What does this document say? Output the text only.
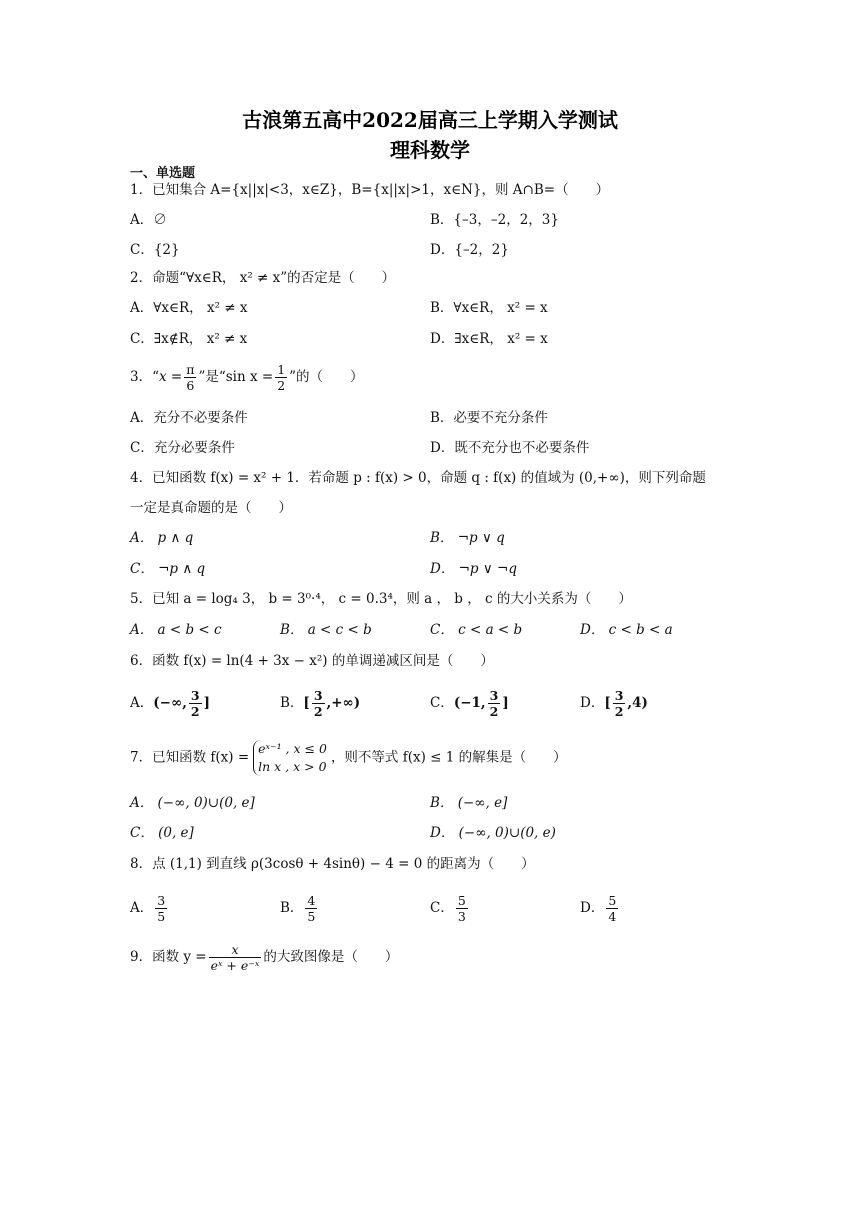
古浪第五高中2022届高三上学期入学测试
理科数学
一、单选题
1．已知集合 A={x||x|<3，x∈Z}，B={x||x|>1，x∈N}，则 A∩B=（　　）
A．∅	B．{–3，–2，2，3}
C．{2}	D．{–2，2}
2．命题“∀x∈R， x² ≠ x”的否定是（　　）
A．∀x∈R， x² ≠ x	B．∀x∈R， x² = x
C．∃x∉R， x² ≠ x	D．∃x∈R， x² = x
3．“$x = \frac{\pi}{6}$ ”是“sin $x = \frac{1}{2}$ ”的（　　）
A．充分不必要条件	B．必要不充分条件
C．充分必要条件	D．既不充分也不必要条件
4．已知函数 f(x) = x² + 1．若命题 p : f(x) > 0，命题 q : f(x) 的值域为 (0,+∞)，则下列命题
一定是真命题的是（　　）
A． p ∧ q	B． ¬p ∨ q
C． ¬p ∧ q	D． ¬p ∨ ¬q
5．已知 a = log₄ 3， b = 3⁰·⁴， c = 0.3⁴，则 a ， b ， c 的大小关系为（　　）
A． a < b < c	B． a < c < b	C． c < a < b	D． c < b < a
6．函数 f(x) = ln(4 + 3x − x²) 的单调递减区间是（　　）
A．(−∞, $\frac{3}{2}$ ]	B．[ $\frac{3}{2}$ ,+∞)	C．(−1, $\frac{3}{2}$ ]	D．[ $\frac{3}{2} ,4$)
7．已知函数 f(x) =
eˣ⁻¹ , x ≤ 0
ln x , x > 0
，则不等式 f(x) ≤ 1 的解集是（　　）
A． (−∞, 0)∪(0, e]	B． (−∞, e]
C． (0, e]	D． (−∞, 0)∪(0, e)
8．点 (1,1) 到直线 ρ(3cosθ + 4sinθ) − 4 = 0 的距离为（　　）
A． $\frac{3}{5}$	B． $\frac{4}{5}$	C． $\frac{5}{3}$	D． $\frac{5}{4}$
9．函数 $y = \frac{x}{\text{eˣ + e⁻ˣ}}$ 的大致图像是（　　）
